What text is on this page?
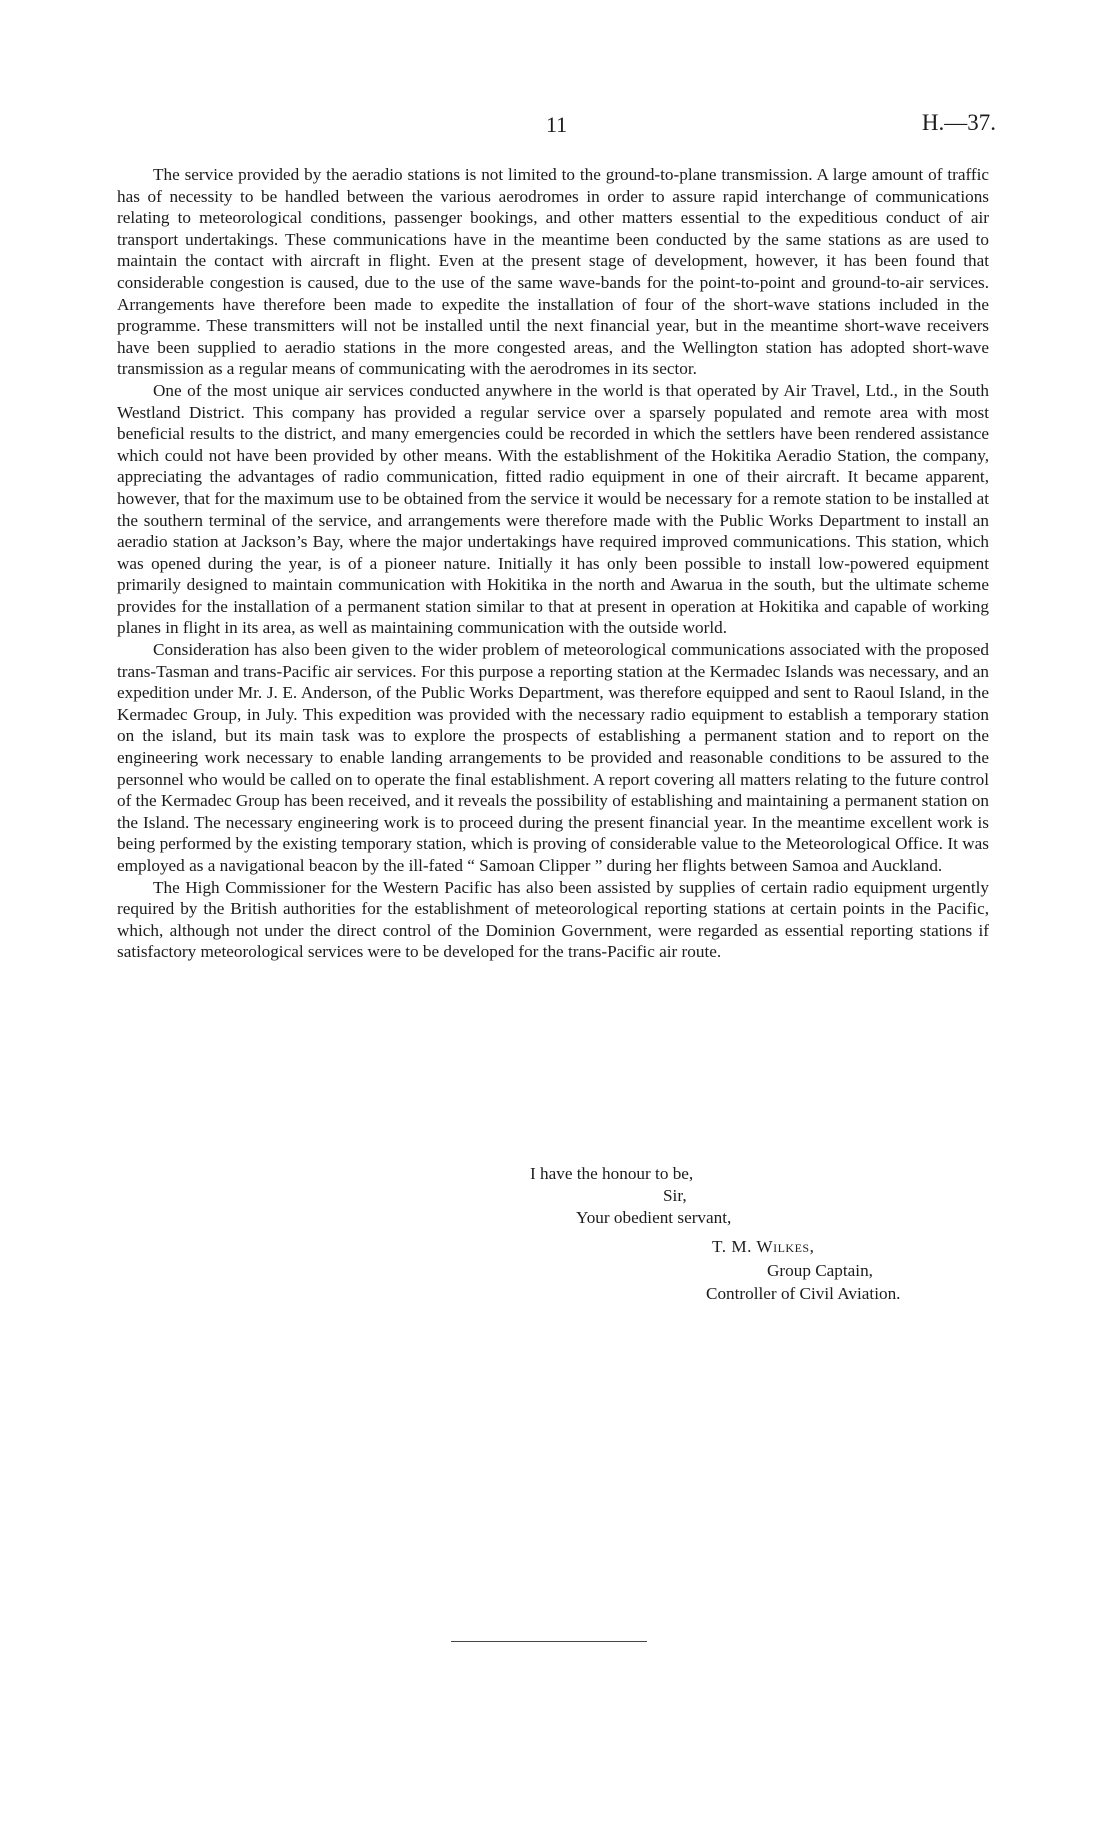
11	H.—37.

The service provided by the aeradio stations is not limited to the ground-to-plane transmission. A large amount of traffic has of necessity to be handled between the various aerodromes in order to assure rapid interchange of communications relating to meteorological conditions, passenger bookings, and other matters essential to the expeditious conduct of air transport undertakings. These communications have in the meantime been conducted by the same stations as are used to maintain the contact with aircraft in flight. Even at the present stage of development, however, it has been found that considerable congestion is caused, due to the use of the same wave-bands for the point-to-point and ground-to-air services. Arrangements have therefore been made to expedite the installation of four of the short-wave stations included in the programme. These transmitters will not be installed until the next financial year, but in the meantime short-wave receivers have been supplied to aeradio stations in the more congested areas, and the Wellington station has adopted short-wave transmission as a regular means of communicating with the aerodromes in its sector.

One of the most unique air services conducted anywhere in the world is that operated by Air Travel, Ltd., in the South Westland District. This company has provided a regular service over a sparsely populated and remote area with most beneficial results to the district, and many emergencies could be recorded in which the settlers have been rendered assistance which could not have been provided by other means. With the establishment of the Hokitika Aeradio Station, the company, appreciating the advantages of radio communication, fitted radio equipment in one of their aircraft. It became apparent, however, that for the maximum use to be obtained from the service it would be necessary for a remote station to be installed at the southern terminal of the service, and arrangements were therefore made with the Public Works Department to install an aeradio station at Jackson’s Bay, where the major undertakings have required improved communications. This station, which was opened during the year, is of a pioneer nature. Initially it has only been possible to install low-powered equipment primarily designed to maintain communication with Hokitika in the north and Awarua in the south, but the ultimate scheme provides for the installation of a permanent station similar to that at present in operation at Hokitika and capable of working planes in flight in its area, as well as maintaining communication with the outside world.

Consideration has also been given to the wider problem of meteorological communications associated with the proposed trans-Tasman and trans-Pacific air services. For this purpose a reporting station at the Kermadec Islands was necessary, and an expedition under Mr. J. E. Anderson, of the Public Works Department, was therefore equipped and sent to Raoul Island, in the Kermadec Group, in July. This expedition was provided with the necessary radio equipment to establish a temporary station on the island, but its main task was to explore the prospects of establishing a permanent station and to report on the engineering work necessary to enable landing arrangements to be provided and reasonable conditions to be assured to the personnel who would be called on to operate the final establishment. A report covering all matters relating to the future control of the Kermadec Group has been received, and it reveals the possibility of establishing and maintaining a permanent station on the Island. The necessary engineering work is to proceed during the present financial year. In the meantime excellent work is being performed by the existing temporary station, which is proving of considerable value to the Meteorological Office. It was employed as a navigational beacon by the ill-fated “ Samoan Clipper ” during her flights between Samoa and Auckland.

The High Commissioner for the Western Pacific has also been assisted by supplies of certain radio equipment urgently required by the British authorities for the establishment of meteorological reporting stations at certain points in the Pacific, which, although not under the direct control of the Dominion Government, were regarded as essential reporting stations if satisfactory meteorological services were to be developed for the trans-Pacific air route.

I have the honour to be,
Sir,
Your obedient servant,
T. M. Wilkes,
Group Captain,
Controller of Civil Aviation.
